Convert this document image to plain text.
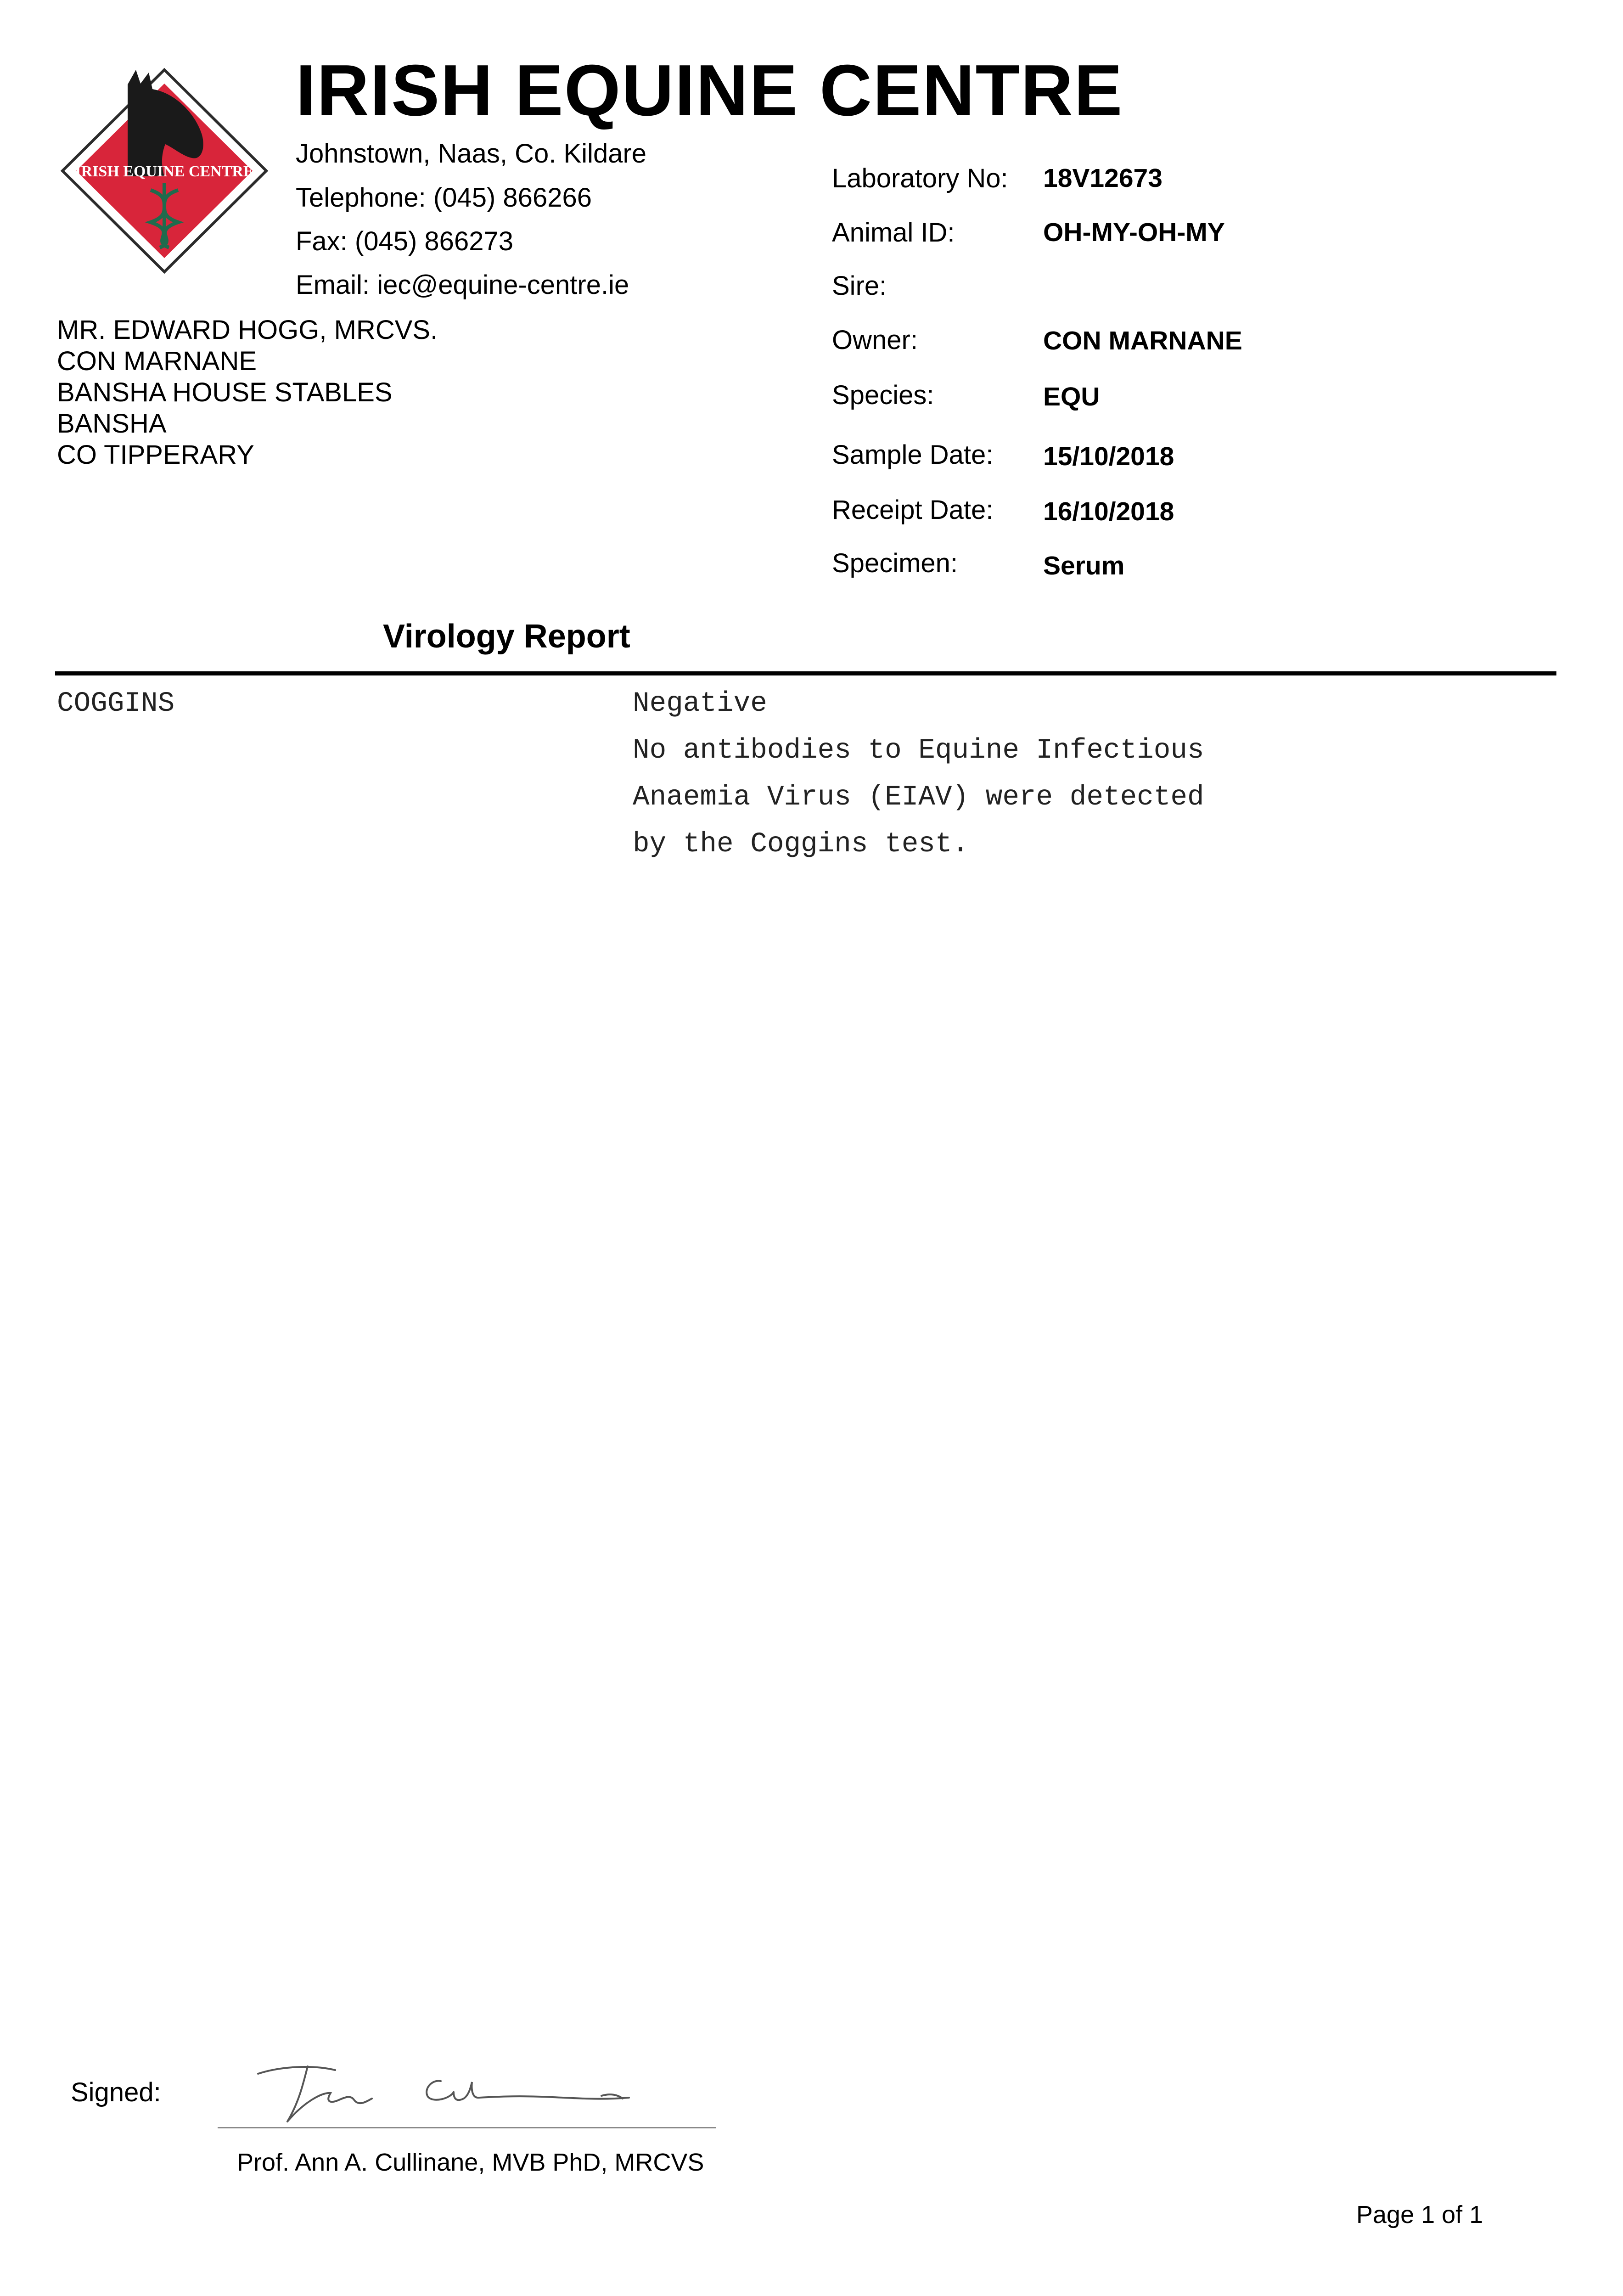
IRISH EQUINE CENTRE
IRISH EQUINE CENTRE
Johnstown, Naas, Co. Kildare
Telephone: (045) 866266
Fax: (045) 866273
Email: iec@equine-centre.ie
MR. EDWARD HOGG, MRCVS.
CON MARNANE
BANSHA HOUSE STABLES
BANSHA
CO TIPPERARY
Laboratory No: 18V12673
Animal ID:	OH-MY-OH-MY
Sire:
Owner:	CON MARNANE
Species:	EQU
Sample Date: 15/10/2018
Receipt Date: 16/10/2018
Specimen:	Serum
Virology Report
COGGINS	Negative
No antibodies to Equine Infectious
Anaemia Virus (EIAV) were detected
by the Coggins test.
Signed:
Prof. Ann A. Cullinane, MVB PhD, MRCVS
Page 1 of 1
